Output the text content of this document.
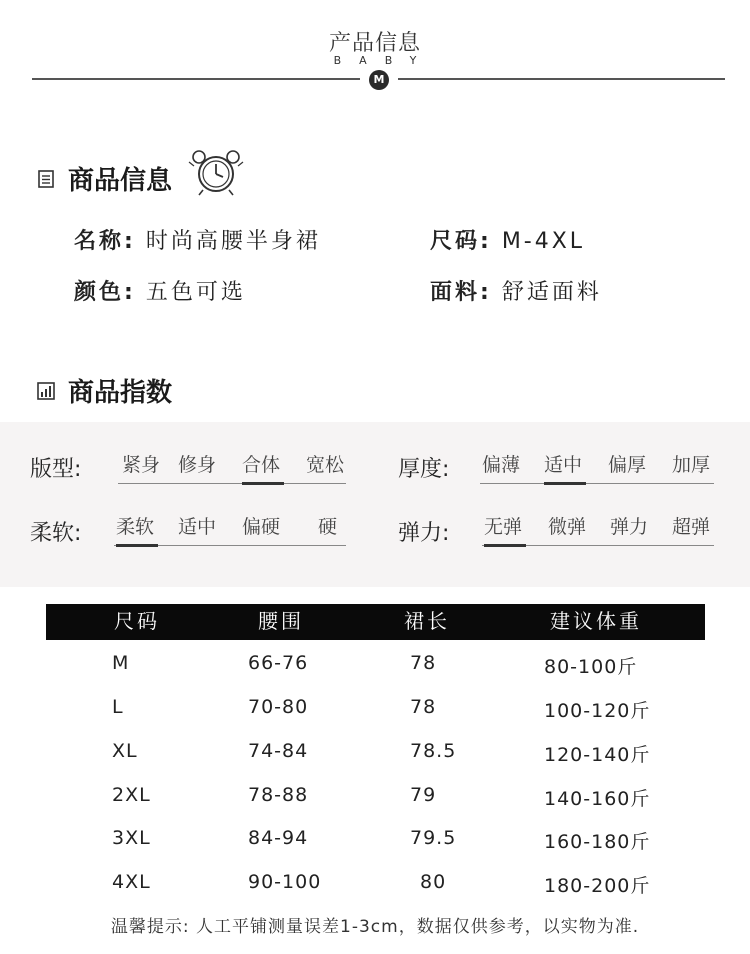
产品信息
BABY
M
商品信息
名称: 时尚高腰半身裙	尺码: M-4XL
颜色: 五色可选	面料: 舒适面料
商品指数
版型: 紧身 修身 合体 宽松 厚度: 偏薄 适中 偏厚 加厚
柔软: 柔软 适中 偏硬 硬	弹力: 无弹 微弹 弹力 超弹
尺码	腰围	裙长	建议体重
M	66-76	78	80-100斤
L	70-80	78	100-120斤
XL	74-84	78.5	120-140斤
2XL	78-88	79	140-160斤
3XL	84-94	79.5	160-180斤
4XL	90-100	80	180-200斤
温馨提示: 人工平铺测量误差1-3cm，数据仅供参考，以实物为准.
